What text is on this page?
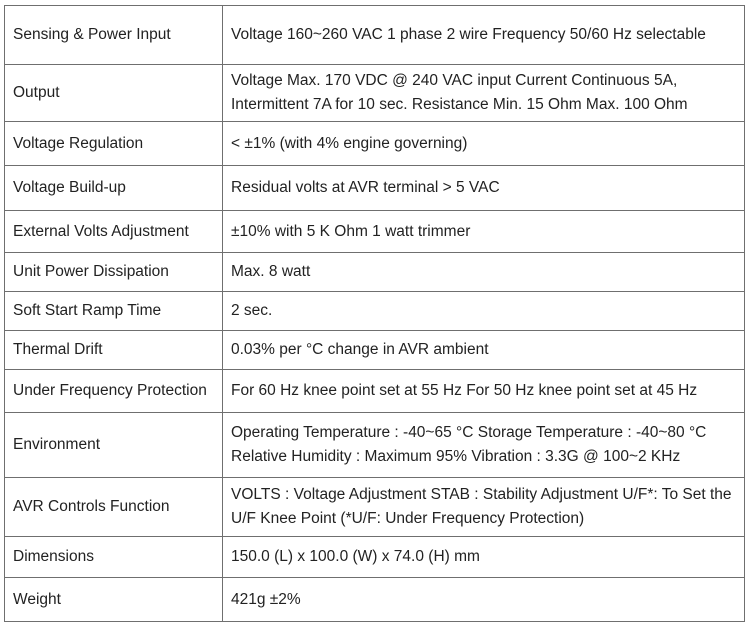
Sensing & Power Input	Voltage 160~260 VAC 1 phase 2 wire Frequency 50/60 Hz selectable
Output	Voltage Max. 170 VDC @ 240 VAC input Current Continuous 5A, Intermittent 7A for 10 sec. Resistance Min. 15 Ohm Max. 100 Ohm
Voltage Regulation	< ±1% (with 4% engine governing)
Voltage Build-up	Residual volts at AVR terminal > 5 VAC
External Volts Adjustment	±10% with 5 K Ohm 1 watt trimmer
Unit Power Dissipation	Max. 8 watt
Soft Start Ramp Time	2 sec.
Thermal Drift	0.03% per °C change in AVR ambient
Under Frequency Protection	For 60 Hz knee point set at 55 Hz For 50 Hz knee point set at 45 Hz
Environment	Operating Temperature : -40~65 °C Storage Temperature : -40~80 °C Relative Humidity : Maximum 95% Vibration : 3.3G @ 100~2 KHz
AVR Controls Function	VOLTS : Voltage Adjustment STAB : Stability Adjustment U/F*: To Set the U/F Knee Point (*U/F: Under Frequency Protection)
Dimensions	150.0 (L) x 100.0 (W) x 74.0 (H) mm
Weight	421g ±2%
